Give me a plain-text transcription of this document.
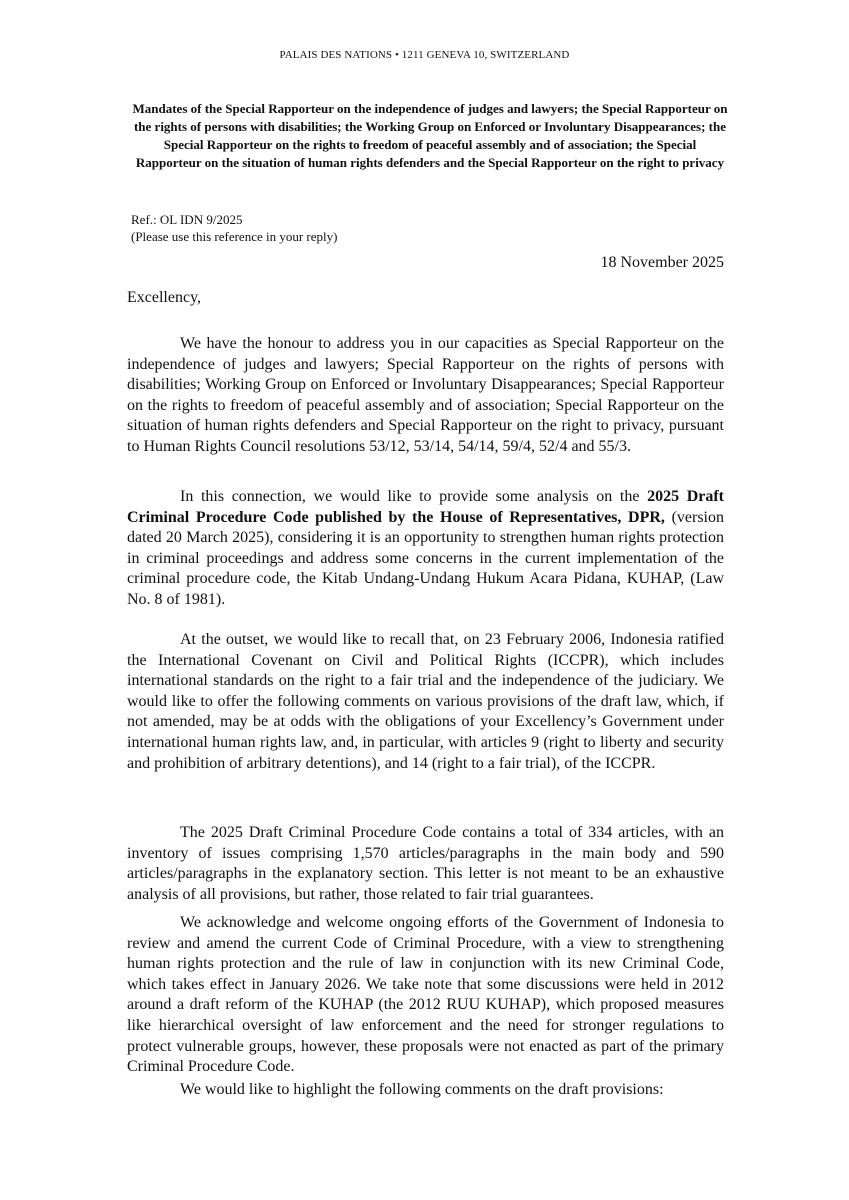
PALAIS DES NATIONS • 1211 GENEVA 10, SWITZERLAND
Mandates of the Special Rapporteur on the independence of judges and lawyers; the Special Rapporteur on the rights of persons with disabilities; the Working Group on Enforced or Involuntary Disappearances; the Special Rapporteur on the rights to freedom of peaceful assembly and of association; the Special Rapporteur on the situation of human rights defenders and the Special Rapporteur on the right to privacy
Ref.: OL IDN 9/2025
(Please use this reference in your reply)
18 November 2025
Excellency,

We have the honour to address you in our capacities as Special Rapporteur on the independence of judges and lawyers; Special Rapporteur on the rights of persons with disabilities; Working Group on Enforced or Involuntary Disappearances; Special Rapporteur on the rights to freedom of peaceful assembly and of association; Special Rapporteur on the situation of human rights defenders and Special Rapporteur on the right to privacy, pursuant to Human Rights Council resolutions 53/12, 53/14, 54/14, 59/4, 52/4 and 55/3.

In this connection, we would like to provide some analysis on the 2025 Draft Criminal Procedure Code published by the House of Representatives, DPR, (version dated 20 March 2025), considering it is an opportunity to strengthen human rights protection in criminal proceedings and address some concerns in the current implementation of the criminal procedure code, the Kitab Undang-Undang Hukum Acara Pidana, KUHAP, (Law No. 8 of 1981).

At the outset, we would like to recall that, on 23 February 2006, Indonesia ratified the International Covenant on Civil and Political Rights (ICCPR), which includes international standards on the right to a fair trial and the independence of the judiciary. We would like to offer the following comments on various provisions of the draft law, which, if not amended, may be at odds with the obligations of your Excellency’s Government under international human rights law, and, in particular, with articles 9 (right to liberty and security and prohibition of arbitrary detentions), and 14 (right to a fair trial), of the ICCPR.

The 2025 Draft Criminal Procedure Code contains a total of 334 articles, with an inventory of issues comprising 1,570 articles/paragraphs in the main body and 590 articles/paragraphs in the explanatory section. This letter is not meant to be an exhaustive analysis of all provisions, but rather, those related to fair trial guarantees.

We acknowledge and welcome ongoing efforts of the Government of Indonesia to review and amend the current Code of Criminal Procedure, with a view to strengthening human rights protection and the rule of law in conjunction with its new Criminal Code, which takes effect in January 2026. We take note that some discussions were held in 2012 around a draft reform of the KUHAP (the 2012 RUU KUHAP), which proposed measures like hierarchical oversight of law enforcement and the need for stronger regulations to protect vulnerable groups, however, these proposals were not enacted as part of the primary Criminal Procedure Code.

We would like to highlight the following comments on the draft provisions:
